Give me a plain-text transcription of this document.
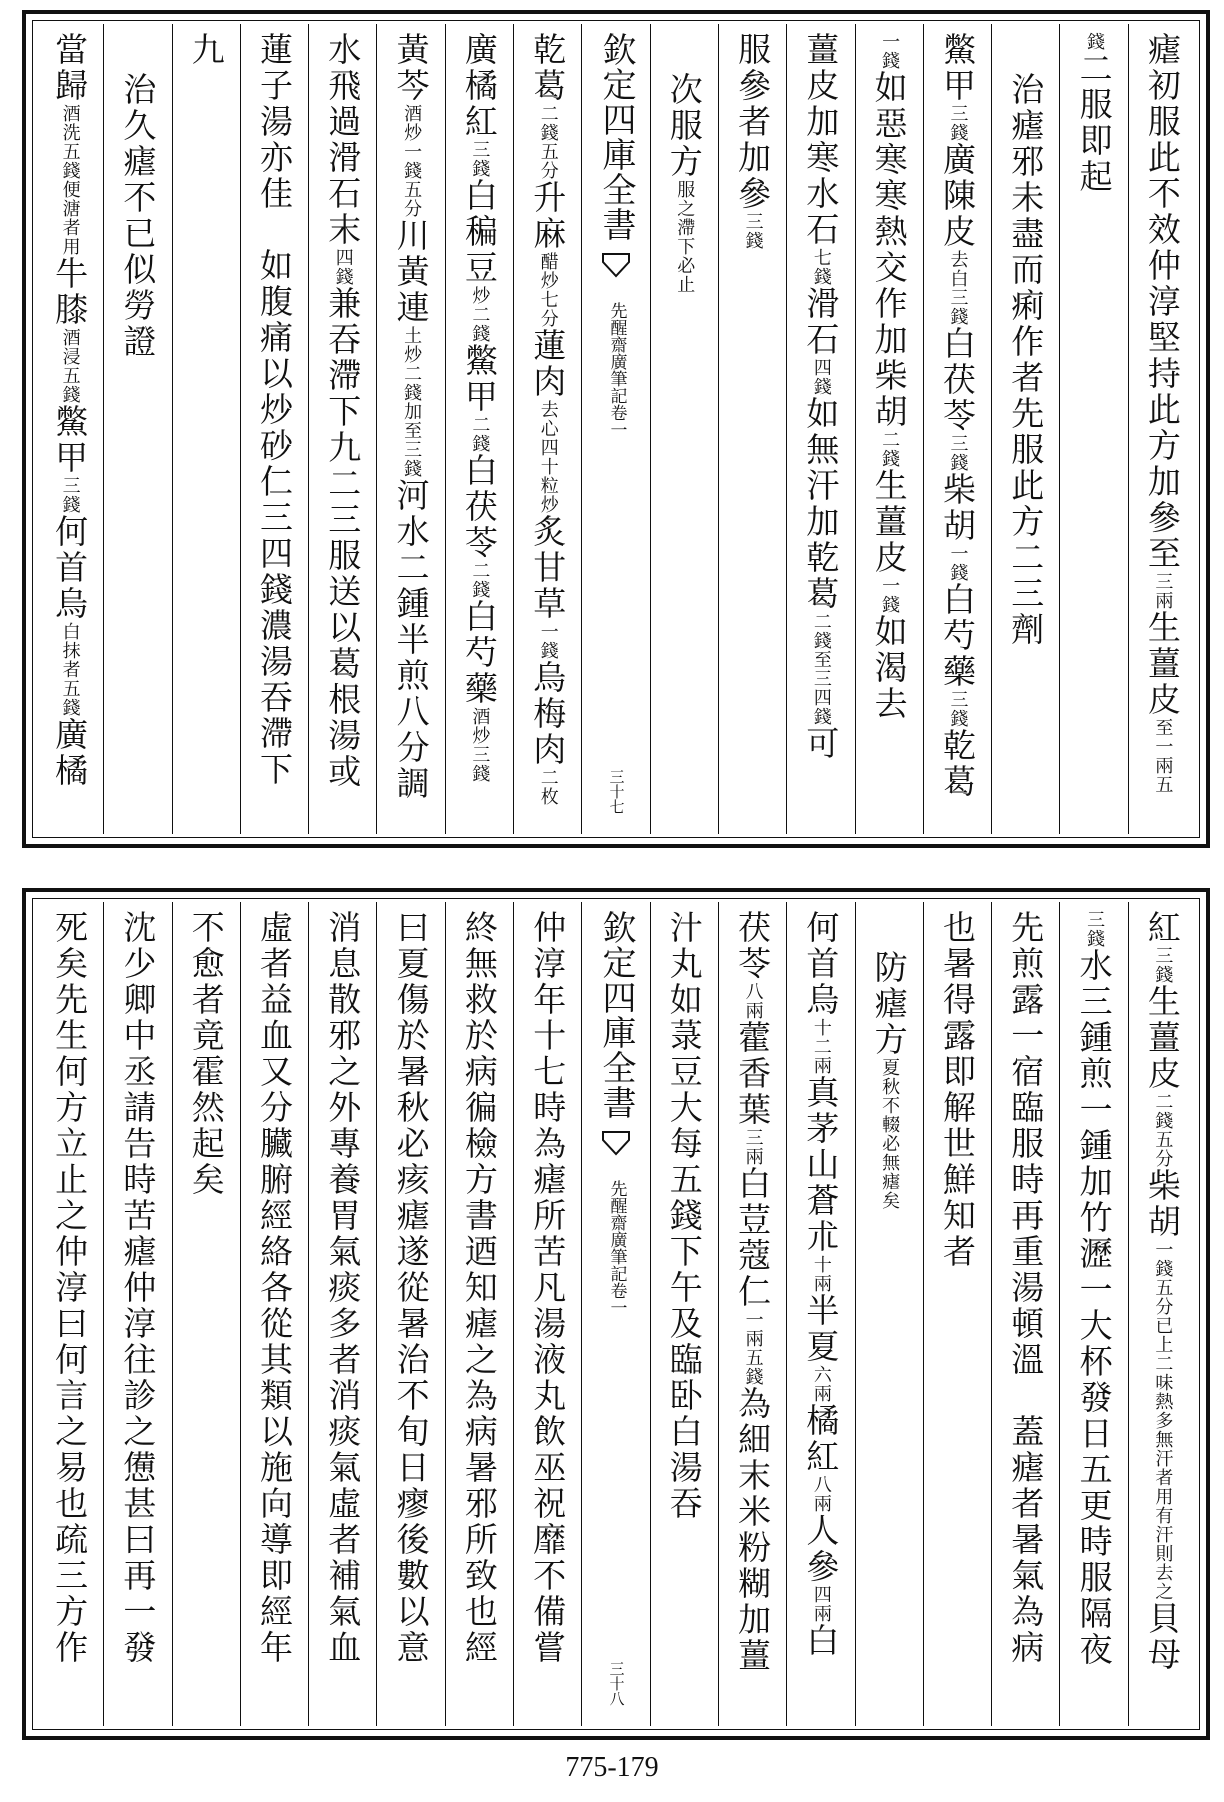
瘧初服此不效仲淳堅持此方加參至
三兩
生薑皮
至一兩五
錢
二服即起
治瘧邪未盡而痢作者先服此方二三劑
鱉甲
三錢
廣陳皮
去白三錢
白茯苓
三錢
柴胡
一錢
白芍藥
三錢
乾葛
一錢
如惡寒寒熱交作加柴胡
二錢
生薑皮
一錢
如渴去
薑皮加寒水石
七錢
滑石
四錢
如無汗加乾葛
二錢至三四錢
可
服參者加參
三錢
次服方
服之滯下必止
欽定四庫全書
先醒齋廣筆記
卷一
三十七
乾葛
二錢五分
升麻
醋炒七分
蓮肉
去心四十粒炒
炙甘草
一錢
烏梅肉
二枚
廣橘紅
三錢
白稨豆
炒二錢
鱉甲
二錢
白茯苓
二錢
白芍藥
酒炒三錢
黃芩
酒炒一錢五分
川黃連
土炒二錢加至三錢
河水二鍾半煎八分調
水飛過滑石末
四錢
兼吞滯下九二三服送以葛根湯或
蓮子湯亦佳　如腹痛以炒砂仁三四錢濃湯吞滯下
九
治久瘧不已似勞證
當歸
酒洗五錢便溏者用
牛膝
酒浸五錢
鱉甲
三錢
何首烏
白抹者五錢
廣橘
紅
三錢
生薑皮
二錢五分
柴胡
一錢五分已上二味熱多無汗者用有汗則去之
貝母
三錢
水三鍾煎一鍾加竹瀝一大杯發日五更時服隔夜
先煎露一宿臨服時再重湯頓溫　蓋瘧者暑氣為病
也暑得露即解世鮮知者
防瘧方
夏秋不輟必無瘧矣
何首烏
十二兩
真茅山蒼朮
十兩
半夏
六兩
橘紅
八兩
人參
四兩
白
茯苓
八兩
藿香葉
三兩
白荳蔻仁
一兩五錢
為細末米粉糊加薑
汁丸如菉豆大每五錢下午及臨卧白湯吞
欽定四庫全書
先醒齋廣筆記
卷一
三十八
仲淳年十七時為瘧所苦凡湯液丸飲巫祝靡不備嘗
終無救於病徧檢方書迺知瘧之為病暑邪所致也經
曰夏傷於暑秋必痎瘧遂從暑治不旬日瘳後數以意
消息散邪之外專養胃氣痰多者消痰氣虛者補氣血
虛者益血又分臟腑經絡各從其類以施向導即經年
不愈者竟霍然起矣
沈少卿中丞請告時苦瘧仲淳往診之憊甚曰再一發
死矣先生何方立止之仲淳曰何言之易也疏三方作
775-179
